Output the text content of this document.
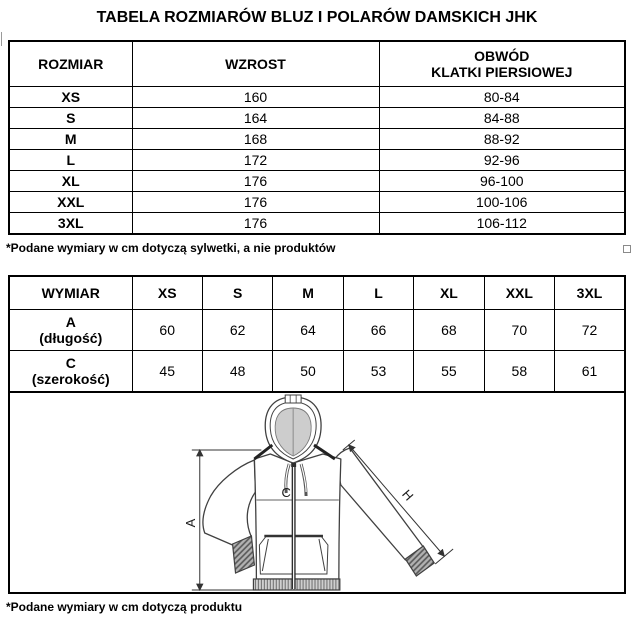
TABELA ROZMIARÓW BLUZ I POLARÓW DAMSKICH JHK
ROZMIAR	WZROST	OBWÓD
KLATKI PIERSIOWEJ

XS	160	80-84
S	164	84-88
M	168	88-92
L	172	92-96
XL	176	96-100
XXL	176	100-106
3XL	176	106-112
*Podane wymiary w cm dotyczą sylwetki, a nie produktów
WYMIAR	XS	S	M	L	XL	XXL	3XL

A
(długość)	60	62	64	66	68	70	72

C
(szerokość)	45	48	50	53	55	58	61
A
C	H
*Podane wymiary w cm dotyczą produktu
